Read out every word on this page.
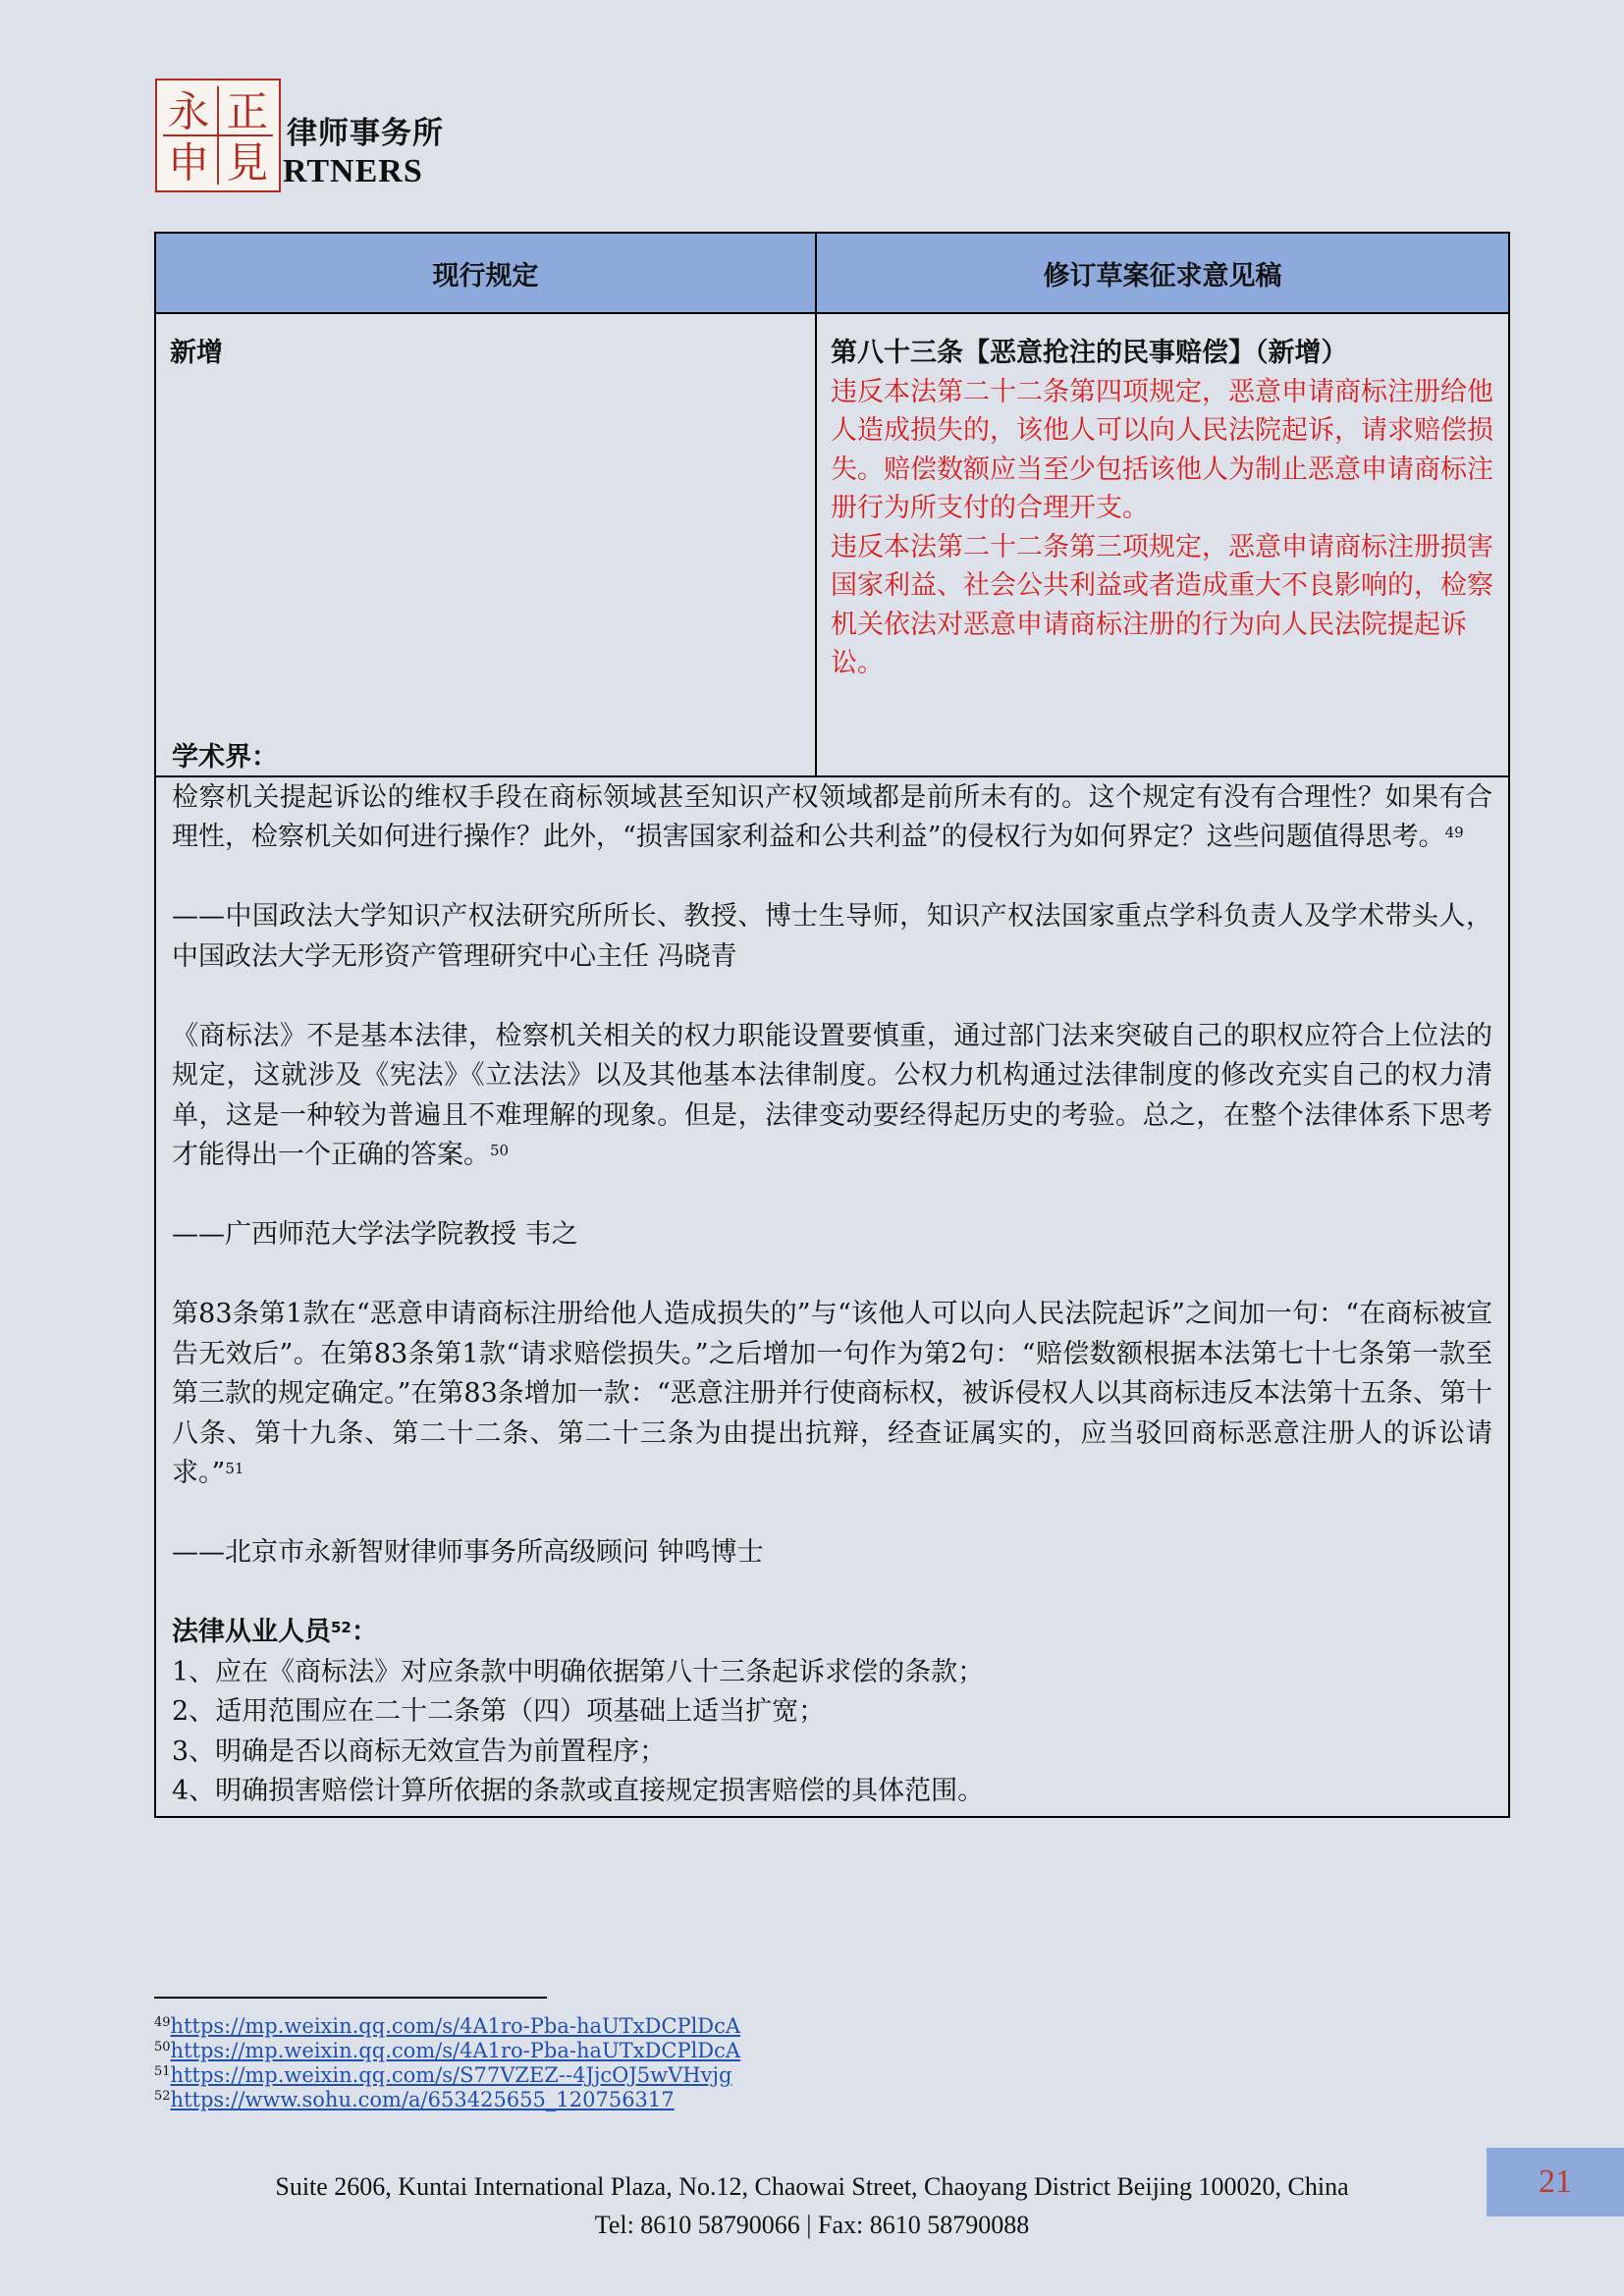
永 正
申 見
律师事务所
RTNERS
现行规定	修订草案征求意见稿
新增	第八十三条【恶意抢注的民事赔偿】（新增）
违反本法第二十二条第四项规定，恶意申请商标注册给他人造成损失的，该他人可以向人民法院起诉，请求赔偿损失。赔偿数额应当至少包括该他人为制止恶意申请商标注册行为所支付的合理开支。
违反本法第二十二条第三项规定，恶意申请商标注册损害国家利益、社会公共利益或者造成重大不良影响的，检察机关依法对恶意申请商标注册的行为向人民法院提起诉讼。

学术界：

检察机关提起诉讼的维权手段在商标领域甚至知识产权领域都是前所未有的。这个规定有没有合理性？如果有合理性，检察机关如何进行操作？此外，“损害国家利益和公共利益”的侵权行为如何界定？这些问题值得思考。$^{49}$

——中国政法大学知识产权法研究所所长、教授、博士生导师，知识产权法国家重点学科负责人及学术带头人，中国政法大学无形资产管理研究中心主任 冯晓青

《商标法》不是基本法律，检察机关相关的权力职能设置要慎重，通过部门法来突破自己的职权应符合上位法的规定，这就涉及《宪法》《立法法》以及其他基本法律制度。公权力机构通过法律制度的修改充实自己的权力清单，这是一种较为普遍且不难理解的现象。但是，法律变动要经得起历史的考验。总之，在整个法律体系下思考才能得出一个正确的答案。$^{50}$

——广西师范大学法学院教授 韦之

第83条第1款在“恶意申请商标注册给他人造成损失的”与“该他人可以向人民法院起诉”之间加一句：“在商标被宣告无效后”。在第83条第1款“请求赔偿损失。”之后增加一句作为第2句：“赔偿数额根据本法第七十七条第一款至第三款的规定确定。”在第83条增加一款：“恶意注册并行使商标权，被诉侵权人以其商标违反本法第十五条、第十八条、第十九条、第二十二条、第二十三条为由提出抗辩，经查证属实的，应当驳回商标恶意注册人的诉讼请求。”$^{51}$

——北京市永新智财律师事务所高级顾问 钟鸣博士

法律从业人员$^{52}$：

1、应在《商标法》对应条款中明确依据第八十三条起诉求偿的条款；

2、适用范围应在二十二条第（四）项基础上适当扩宽；

3、明确是否以商标无效宣告为前置程序；

4、明确损害赔偿计算所依据的条款或直接规定损害赔偿的具体范围。

$^{49}$https://mp.weixin.qq.com/s/4A1ro-Pba-haUTxDCPlDcA
$^{50}$https://mp.weixin.qq.com/s/4A1ro-Pba-haUTxDCPlDcA
$^{51}$https://mp.weixin.qq.com/s/S77VZEZ--4JjcOJ5wVHvjg
$^{52}$https://www.sohu.com/a/653425655_120756317
Suite 2606, Kuntai International Plaza, No.12, Chaowai Street, Chaoyang District Beijing 100020, China
Tel: 8610 58790066 | Fax: 8610 58790088
21
